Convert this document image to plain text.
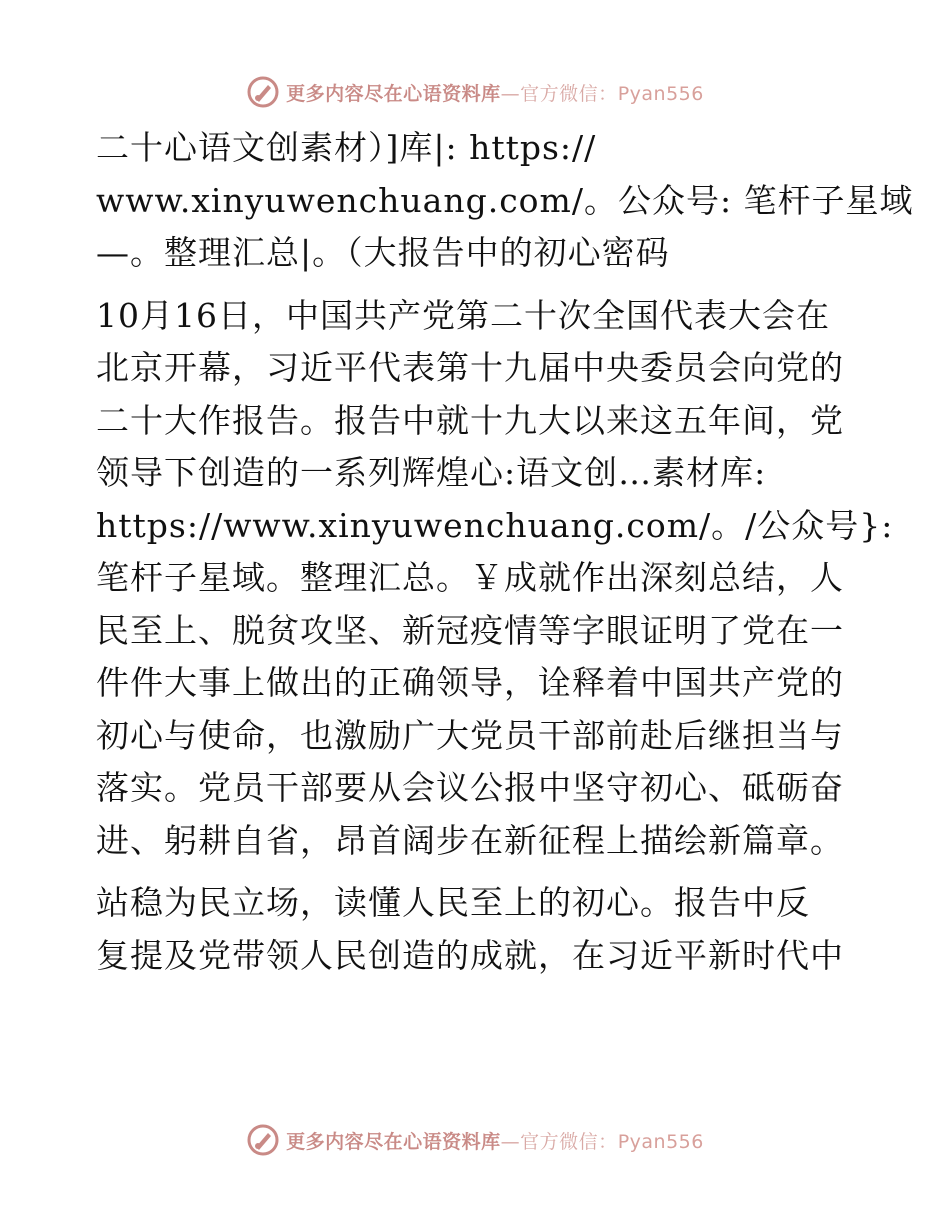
更多内容尽在心语资料库—官方微信：Pyan556

二十心语文创素材）]库|: https://
www.xinyuwenchuang.com/。公众号: 笔杆子星域
—。整理汇总|。（大报告中的初心密码

10月16日，中国共产党第二十次全国代表大会在
北京开幕，习近平代表第十九届中央委员会向党的
二十大作报告。报告中就十九大以来这五年间，党
领导下创造的一系列辉煌心:语文创…素材库:
https://www.xinyuwenchuang.com/。/公众号}:
笔杆子星域。整理汇总。￥成就作出深刻总结，人
民至上、脱贫攻坚、新冠疫情等字眼证明了党在一
件件大事上做出的正确领导，诠释着中国共产党的
初心与使命，也激励广大党员干部前赴后继担当与
落实。党员干部要从会议公报中坚守初心、砥砺奋
进、躬耕自省，昂首阔步在新征程上描绘新篇章。

站稳为民立场，读懂人民至上的初心。报告中反
复提及党带领人民创造的成就，在习近平新时代中

更多内容尽在心语资料库—官方微信：Pyan556
